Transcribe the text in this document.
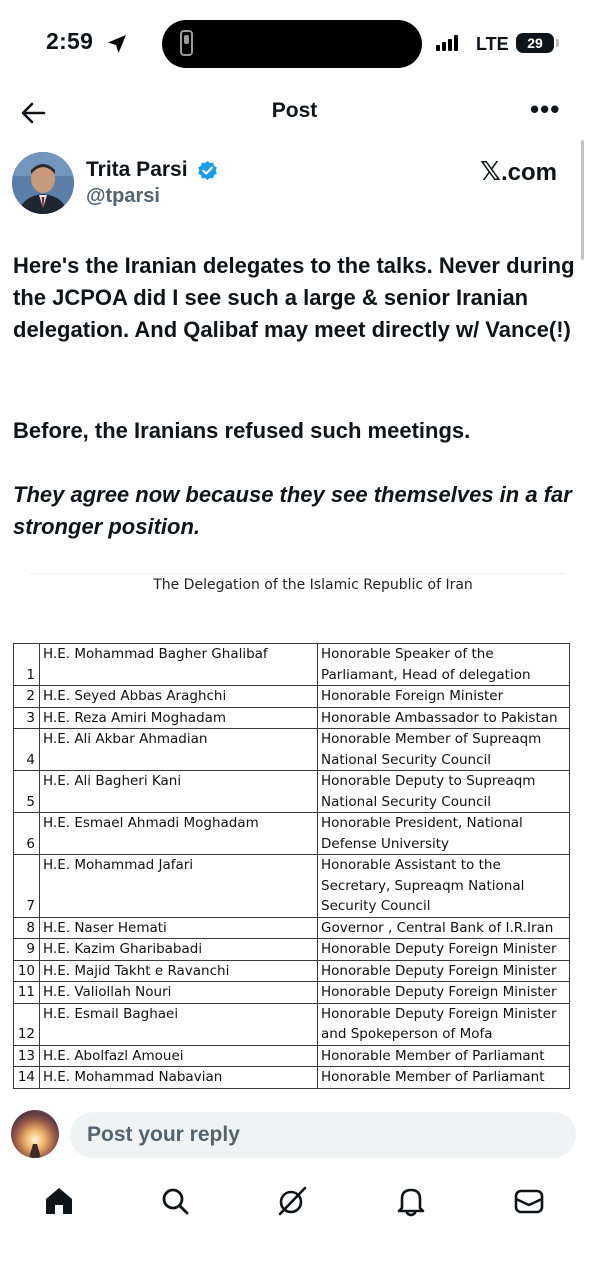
2:59	LTE	29
Post	•••
Trita Parsi
@tparsi
𝕏.com
Here's the Iranian delegates to the talks. Never during the JCPOA did I see such a large & senior Iranian delegation. And Qalibaf may meet directly w/ Vance(!)
Before, the Iranians refused such meetings.
They agree now because they see themselves in a far stronger position.
The Delegation of the Islamic Republic of Iran
1	H.E. Mohammad Bagher Ghalibaf	Honorable Speaker of the
Parliamant, Head of delegation

2	H.E. Seyed Abbas Araghchi	Honorable Foreign Minister

3	H.E. Reza Amiri Moghadam	Honorable Ambassador to Pakistan

4	H.E. Ali Akbar Ahmadian	Honorable Member of Supreaqm
National Security Council

5	H.E. Ali Bagheri Kani	Honorable Deputy to Supreaqm
National Security Council

6	H.E. Esmael Ahmadi Moghadam	Honorable President, National
Defense University

7	H.E. Mohammad Jafari	Honorable Assistant to the
Secretary, Supreaqm National
Security Council

8	H.E. Naser Hemati	Governor , Central Bank of I.R.Iran

9	H.E. Kazim Gharibabadi	Honorable Deputy Foreign Minister

10	H.E. Majid Takht e Ravanchi	Honorable Deputy Foreign Minister

11	H.E. Valiollah Nouri	Honorable Deputy Foreign Minister

12	H.E. Esmail Baghaei	Honorable Deputy Foreign Minister
and Spokeperson of Mofa

13	H.E. Abolfazl Amouei	Honorable Member of Parliamant

14	H.E. Mohammad Nabavian	Honorable Member of Parliamant
Post your reply
